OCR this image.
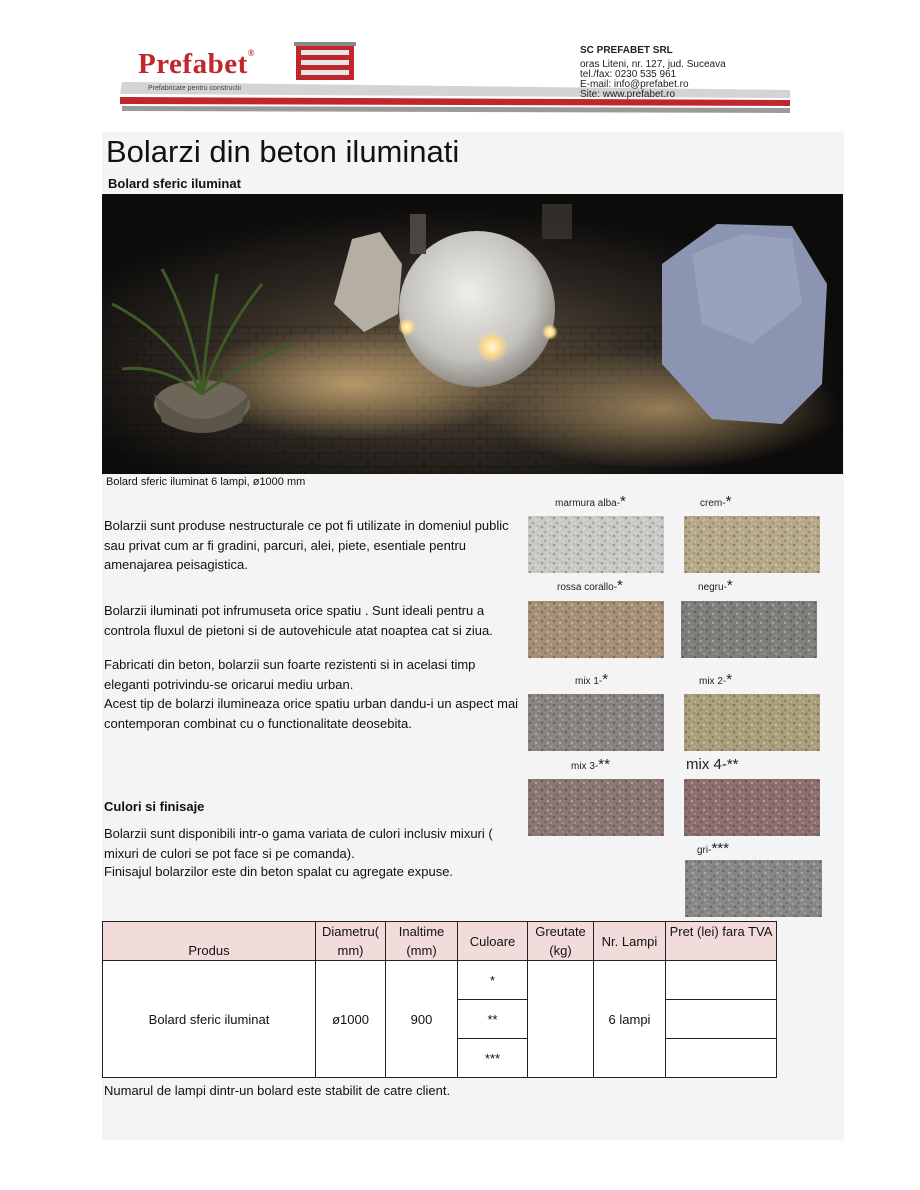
Prefabet®
Prefabricate pentru constructii
SC PREFABET SRL
oras Liteni, nr. 127, jud. Suceava
tel./fax: 0230 535 961
E-mail: info@prefabet.ro
Site: www.prefabet.ro
Bolarzi din beton iluminati
Bolard sferic iluminat
Bolard sferic iluminat 6 lampi, ø1000 mm
Bolarzii sunt produse nestructurale ce pot fi utilizate in domeniul public sau privat cum ar fi gradini, parcuri, alei, piete, esentiale pentru amenajarea peisagistica.
Bolarzii iluminati pot infrumuseta orice spatiu . Sunt ideali pentru a controla fluxul de pietoni si de autovehicule atat noaptea cat si ziua.
Fabricati din beton, bolarzii sun foarte rezistenti si in acelasi timp eleganti potrivindu-se oricarui mediu urban.
Acest tip de bolarzi ilumineaza orice spatiu urban dandu-i un aspect mai contemporan combinat cu o functionalitate deosebita.
Culori si finisaje
Bolarzii sunt disponibili intr-o gama variata de culori inclusiv mixuri ( mixuri de culori se pot face si pe comanda).
Finisajul bolarzilor este din beton spalat cu agregate expuse.
marmura alba-*	crem-*
rossa corallo-*	negru-*
mix 1-*	mix 2-*
mix 3-**	mix 4-**
gri-***
Produs	Diametru( mm)	Inaltime (mm)	Culoare	Greutate (kg)	Nr. Lampi	Pret (lei) fara TVA
Bolard sferic iluminat	ø1000	900	*		6 lampi	
			**			
			***			
Numarul de lampi dintr-un bolard este stabilit de catre client.
